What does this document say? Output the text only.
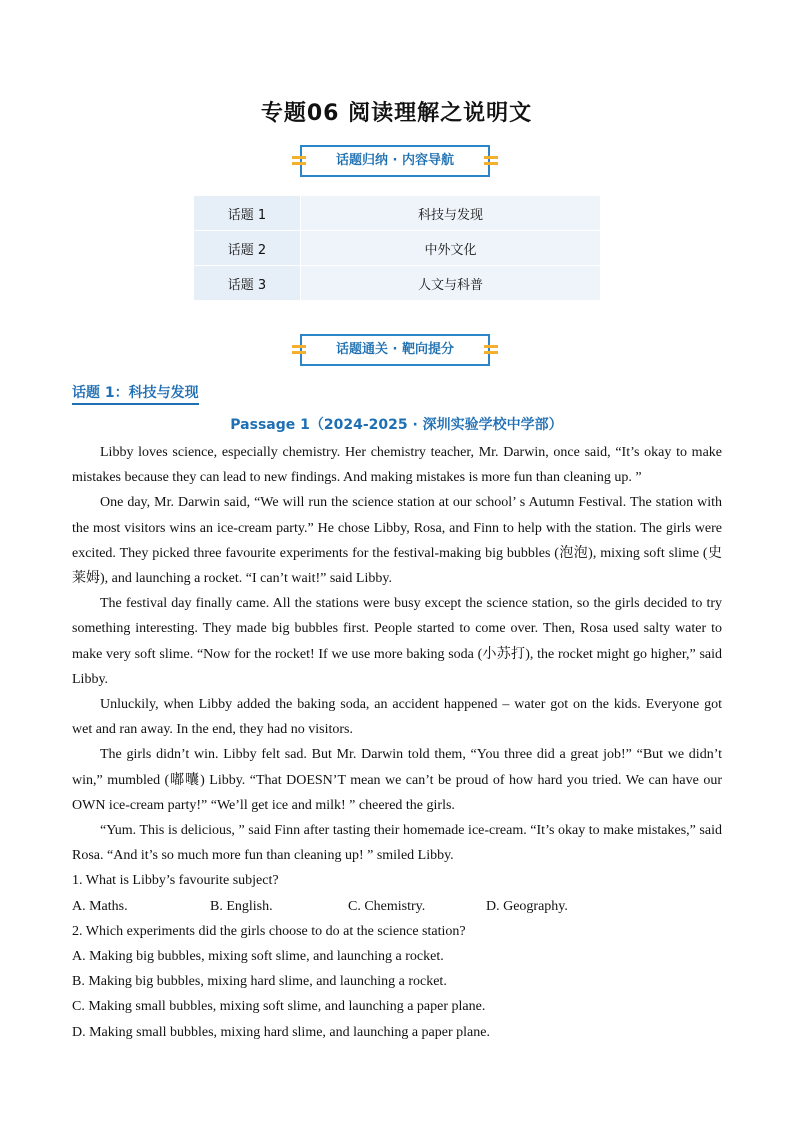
专题06 阅读理解之说明文
话题归纳 · 内容导航
话题 1	科技与发现
话题 2	中外文化
话题 3	人文与科普
话题通关 · 靶向提分
话题 1：科技与发现
Passage 1（2024-2025 · 深圳实验学校中学部）

Libby loves science, especially chemistry. Her chemistry teacher, Mr. Darwin, once said, “It’s okay to make mistakes because they can lead to new findings. And making mistakes is more fun than cleaning up. ”

One day, Mr. Darwin said, “We will run the science station at our school’ s Autumn Festival. The station with the most visitors wins an ice-cream party.” He chose Libby, Rosa, and Finn to help with the station. The girls were excited. They picked three favourite experiments for the festival-making big bubbles (泡泡), mixing soft slime (史莱姆), and launching a rocket. “I can’t wait!” said Libby.

The festival day finally came. All the stations were busy except the science station, so the girls decided to try something interesting. They made big bubbles first. People started to come over. Then, Rosa used salty water to make very soft slime. “Now for the rocket! If we use more baking soda (小苏打), the rocket might go higher,” said Libby.

Unluckily, when Libby added the baking soda, an accident happened – water got on the kids. Everyone got wet and ran away. In the end, they had no visitors.

The girls didn’t win. Libby felt sad. But Mr. Darwin told them, “You three did a great job!” “But we didn’t win,” mumbled (嘟囔) Libby. “That DOESN’T mean we can’t be proud of how hard you tried. We can have our OWN ice-cream party!” “We’ll get ice and milk! ” cheered the girls.

“Yum. This is delicious, ” said Finn after tasting their homemade ice-cream. “It’s okay to make mistakes,” said Rosa. “And it’s so much more fun than cleaning up! ” smiled Libby.

1. What is Libby’s favourite subject?
A. Maths.	B. English.	C. Chemistry.	D. Geography.
2. Which experiments did the girls choose to do at the science station?
A. Making big bubbles, mixing soft slime, and launching a rocket.
B. Making big bubbles, mixing hard slime, and launching a rocket.
C. Making small bubbles, mixing soft slime, and launching a paper plane.
D. Making small bubbles, mixing hard slime, and launching a paper plane.
